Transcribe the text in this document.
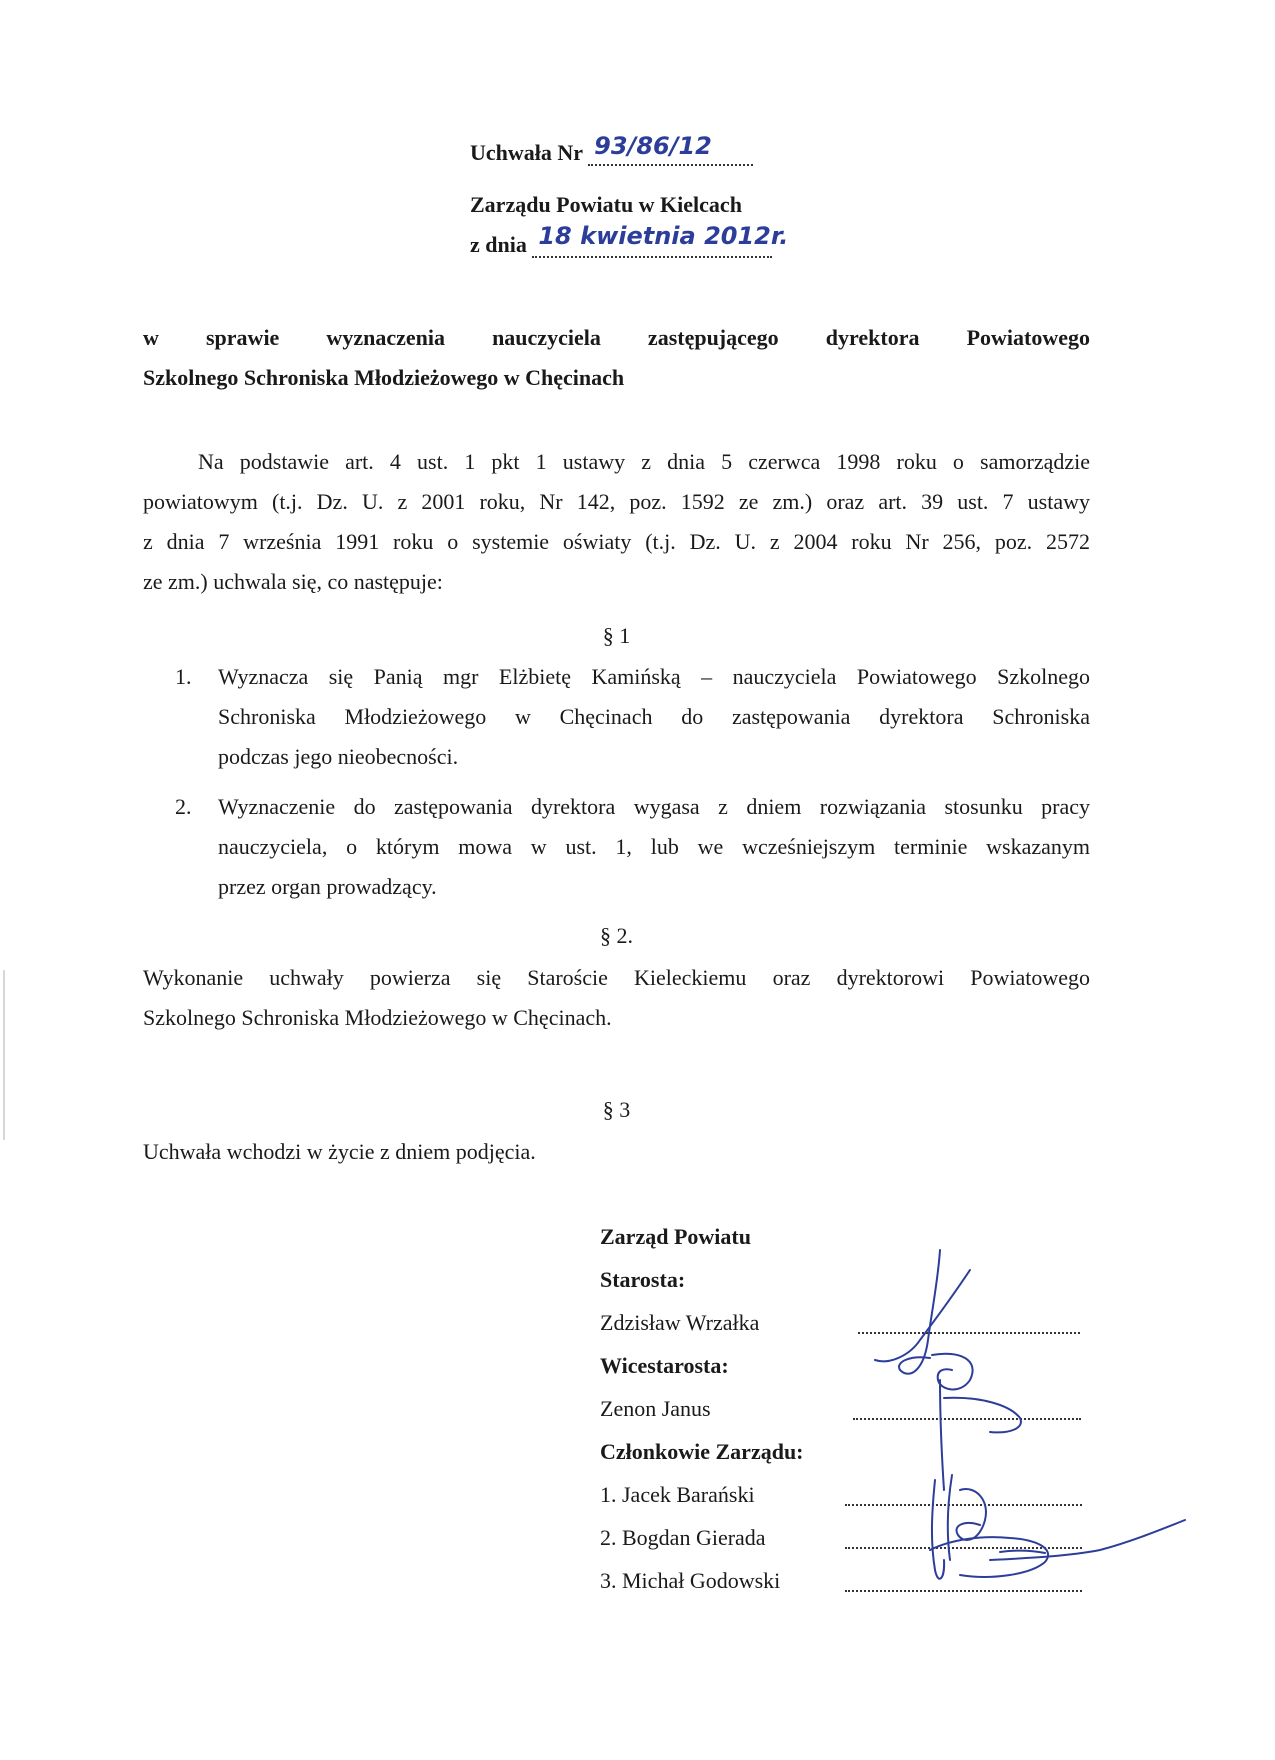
Uchwała Nr 93/86/12
Zarządu Powiatu w Kielcach
z dnia 18 kwietnia 2012r.
w sprawie wyznaczenia nauczyciela zastępującego dyrektora Powiatowego
Szkolnego Schroniska Młodzieżowego w Chęcinach
Na podstawie art. 4 ust. 1 pkt 1 ustawy z dnia 5 czerwca 1998 roku o samorządzie
powiatowym (t.j. Dz. U. z 2001 roku, Nr 142, poz. 1592 ze zm.) oraz art. 39 ust. 7 ustawy
z dnia 7 września 1991 roku o systemie oświaty (t.j. Dz. U. z 2004 roku Nr 256, poz. 2572
ze zm.) uchwala się, co następuje:
§ 1
1. Wyznacza się Panią mgr Elżbietę Kamińską – nauczyciela Powiatowego Szkolnego
Schroniska Młodzieżowego w Chęcinach do zastępowania dyrektora Schroniska
podczas jego nieobecności.
2. Wyznaczenie do zastępowania dyrektora wygasa z dniem rozwiązania stosunku pracy
nauczyciela, o którym mowa w ust. 1, lub we wcześniejszym terminie wskazanym
przez organ prowadzący.
§ 2.
Wykonanie uchwały powierza się Staroście Kieleckiemu oraz dyrektorowi Powiatowego
Szkolnego Schroniska Młodzieżowego w Chęcinach.
§ 3
Uchwała wchodzi w życie z dniem podjęcia.
Zarząd Powiatu
Starosta:
Zdzisław Wrzałka
Wicestarosta:
Zenon Janus
Członkowie Zarządu:
1. Jacek Barański
2. Bogdan Gierada
3. Michał Godowski
